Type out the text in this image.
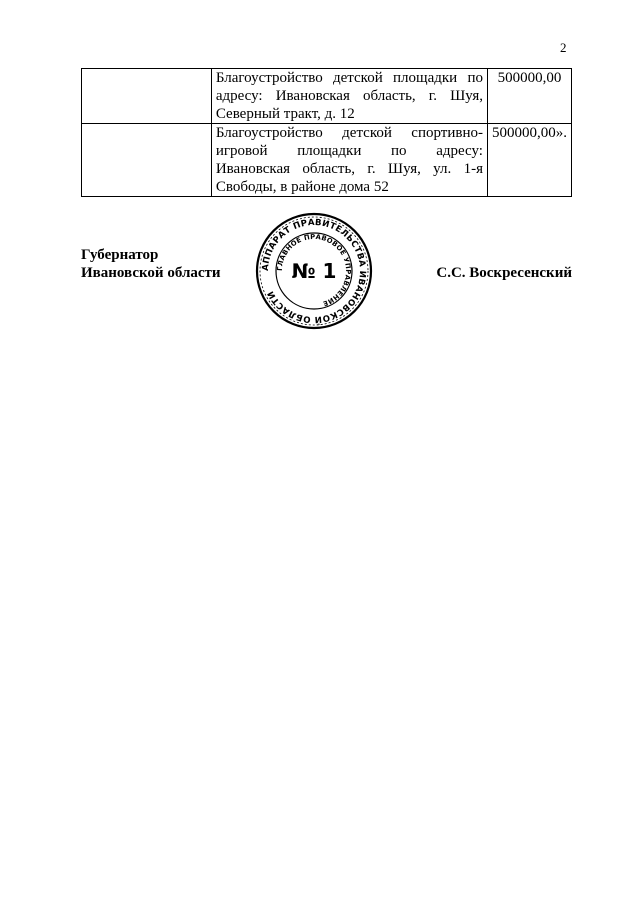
2
	Благоустройство детской площадки по адресу: Ивановская область, г. Шуя, Северный тракт, д. 12	500000,00
	Благоустройство детской спортивно-игровой площадки по адресу: Ивановская область, г. Шуя, ул. 1-я Свободы, в районе дома 52	500000,00».
Губернатор
Ивановской области	С.С. Воскресенский
АППАРАТ ПРАВИТЕЛЬСТВА ИВАНОВСКОЙ ОБЛАСТИ
ГЛАВНОЕ ПРАВОВОЕ УПРАВЛЕНИЕ
№ 1
